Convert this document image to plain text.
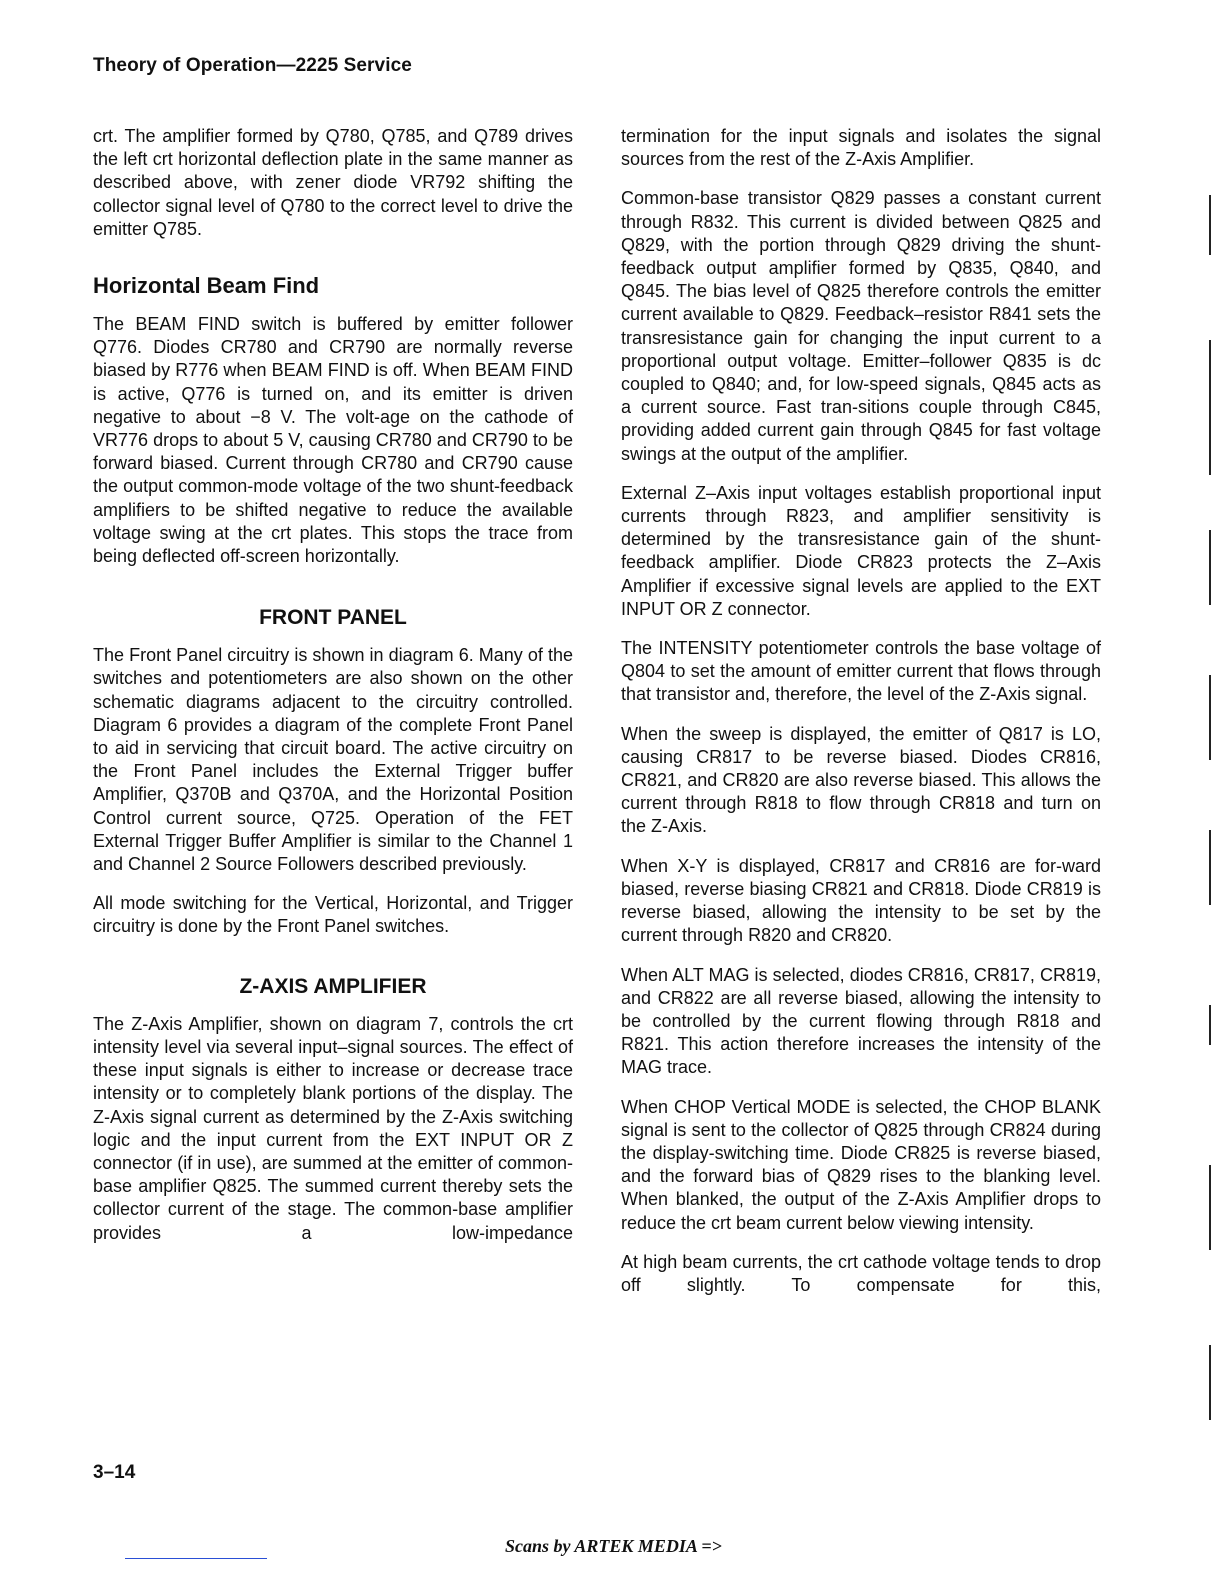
Theory of Operation—2225 Service

crt. The amplifier formed by Q780, Q785, and Q789 drives the left crt horizontal deflection plate in the same manner as described above, with zener diode VR792 shifting the collector signal level of Q780 to the correct level to drive the emitter Q785.

Horizontal Beam Find

The BEAM FIND switch is buffered by emitter follower Q776. Diodes CR780 and CR790 are normally reverse biased by R776 when BEAM FIND is off. When BEAM FIND is active, Q776 is turned on, and its emitter is driven negative to about −8 V. The volt-age on the cathode of VR776 drops to about 5 V, causing CR780 and CR790 to be forward biased. Current through CR780 and CR790 cause the output common-mode voltage of the two shunt-feedback amplifiers to be shifted negative to reduce the available voltage swing at the crt plates. This stops the trace from being deflected off-screen horizontally.

FRONT PANEL

The Front Panel circuitry is shown in diagram 6. Many of the switches and potentiometers are also shown on the other schematic diagrams adjacent to the circuitry controlled. Diagram 6 provides a diagram of the complete Front Panel to aid in servicing that circuit board. The active circuitry on the Front Panel includes the External Trigger buffer Amplifier, Q370B and Q370A, and the Horizontal Position Control current source, Q725. Operation of the FET External Trigger Buffer Amplifier is similar to the Channel 1 and Channel 2 Source Followers described previously.

All mode switching for the Vertical, Horizontal, and Trigger circuitry is done by the Front Panel switches.

Z-AXIS AMPLIFIER

The Z-Axis Amplifier, shown on diagram 7, controls the crt intensity level via several input–signal sources. The effect of these input signals is either to increase or decrease trace intensity or to completely blank portions of the display. The Z-Axis signal current as determined by the Z-Axis switching logic and the input current from the EXT INPUT OR Z connector (if in use), are summed at the emitter of common-base amplifier Q825. The summed current thereby sets the collector current of the stage. The common-base amplifier provides a low-impedance

termination for the input signals and isolates the signal sources from the rest of the Z-Axis Amplifier.

Common-base transistor Q829 passes a constant current through R832. This current is divided between Q825 and Q829, with the portion through Q829 driving the shunt-feedback output amplifier formed by Q835, Q840, and Q845. The bias level of Q825 therefore controls the emitter current available to Q829. Feedback–resistor R841 sets the transresistance gain for changing the input current to a proportional output voltage. Emitter–follower Q835 is dc coupled to Q840; and, for low-speed signals, Q845 acts as a current source. Fast tran-sitions couple through C845, providing added current gain through Q845 for fast voltage swings at the output of the amplifier.

External Z–Axis input voltages establish proportional input currents through R823, and amplifier sensitivity is determined by the transresistance gain of the shunt-feedback amplifier. Diode CR823 protects the Z–Axis Amplifier if excessive signal levels are applied to the EXT INPUT OR Z connector.

The INTENSITY potentiometer controls the base voltage of Q804 to set the amount of emitter current that flows through that transistor and, therefore, the level of the Z-Axis signal.

When the sweep is displayed, the emitter of Q817 is LO, causing CR817 to be reverse biased. Diodes CR816, CR821, and CR820 are also reverse biased. This allows the current through R818 to flow through CR818 and turn on the Z-Axis.

When X-Y is displayed, CR817 and CR816 are for-ward biased, reverse biasing CR821 and CR818. Diode CR819 is reverse biased, allowing the intensity to be set by the current through R820 and CR820.

When ALT MAG is selected, diodes CR816, CR817, CR819, and CR822 are all reverse biased, allowing the intensity to be controlled by the current flowing through R818 and R821. This action therefore increases the intensity of the MAG trace.

When CHOP Vertical MODE is selected, the CHOP BLANK signal is sent to the collector of Q825 through CR824 during the display-switching time. Diode CR825 is reverse biased, and the forward bias of Q829 rises to the blanking level. When blanked, the output of the Z-Axis Amplifier drops to reduce the crt beam current below viewing intensity.

At high beam currents, the crt cathode voltage tends to drop off slightly. To compensate for this,

3–14
Scans by ARTEK MEDIA =>
